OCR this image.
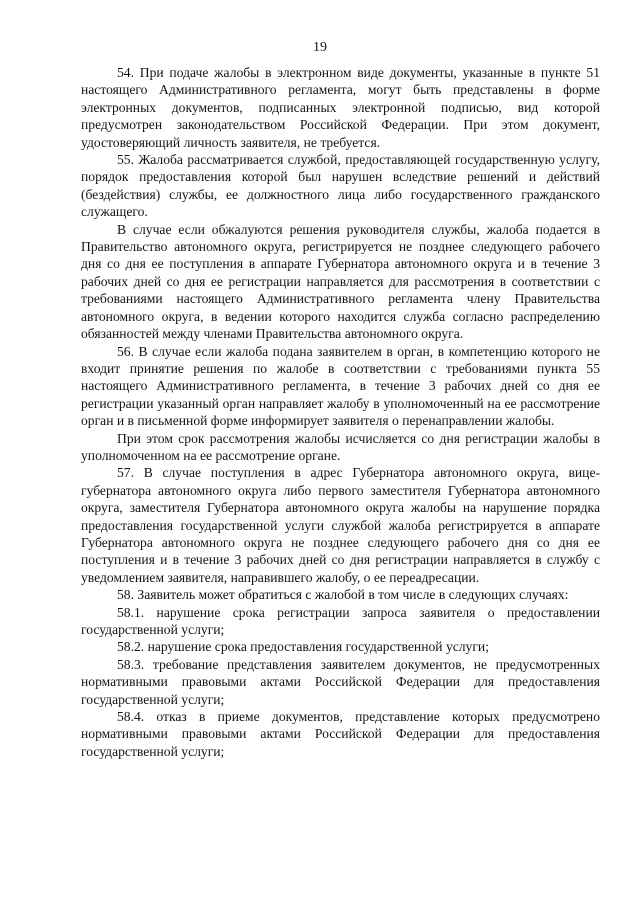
19

54. При подаче жалобы в электронном виде документы, указанные в пункте 51 настоящего Административного регламента, могут быть представлены в форме электронных документов, подписанных электронной подписью, вид которой предусмотрен законодательством Российской Федерации. При этом документ, удостоверяющий личность заявителя, не требуется.

55. Жалоба рассматривается службой, предоставляющей государственную услугу, порядок предоставления которой был нарушен вследствие решений и действий (бездействия) службы, ее должностного лица либо государственного гражданского служащего.

В случае если обжалуются решения руководителя службы, жалоба подается в Правительство автономного округа, регистрируется не позднее следующего рабочего дня со дня ее поступления в аппарате Губернатора автономного округа и в течение 3 рабочих дней со дня ее регистрации направляется для рассмотрения в соответствии с требованиями настоящего Административного регламента члену Правительства автономного округа, в ведении которого находится служба согласно распределению обязанностей между членами Правительства автономного округа.

56. В случае если жалоба подана заявителем в орган, в компетенцию которого не входит принятие решения по жалобе в соответствии с требованиями пункта 55 настоящего Административного регламента, в течение 3 рабочих дней со дня ее регистрации указанный орган направляет жалобу в уполномоченный на ее рассмотрение орган и в письменной форме информирует заявителя о перенаправлении жалобы.

При этом срок рассмотрения жалобы исчисляется со дня регистрации жалобы в уполномоченном на ее рассмотрение органе.

57. В случае поступления в адрес Губернатора автономного округа, вице-губернатора автономного округа либо первого заместителя Губернатора автономного округа, заместителя Губернатора автономного округа жалобы на нарушение порядка предоставления государственной услуги службой жалоба регистрируется в аппарате Губернатора автономного округа не позднее следующего рабочего дня со дня ее поступления и в течение 3 рабочих дней со дня регистрации направляется в службу с уведомлением заявителя, направившего жалобу, о ее переадресации.

58. Заявитель может обратиться с жалобой в том числе в следующих случаях:

58.1. нарушение срока регистрации запроса заявителя о предоставлении государственной услуги;

58.2. нарушение срока предоставления государственной услуги;

58.3. требование представления заявителем документов, не предусмотренных нормативными правовыми актами Российской Федерации для предоставления государственной услуги;

58.4. отказ в приеме документов, представление которых предусмотрено нормативными правовыми актами Российской Федерации для предоставления государственной услуги;
